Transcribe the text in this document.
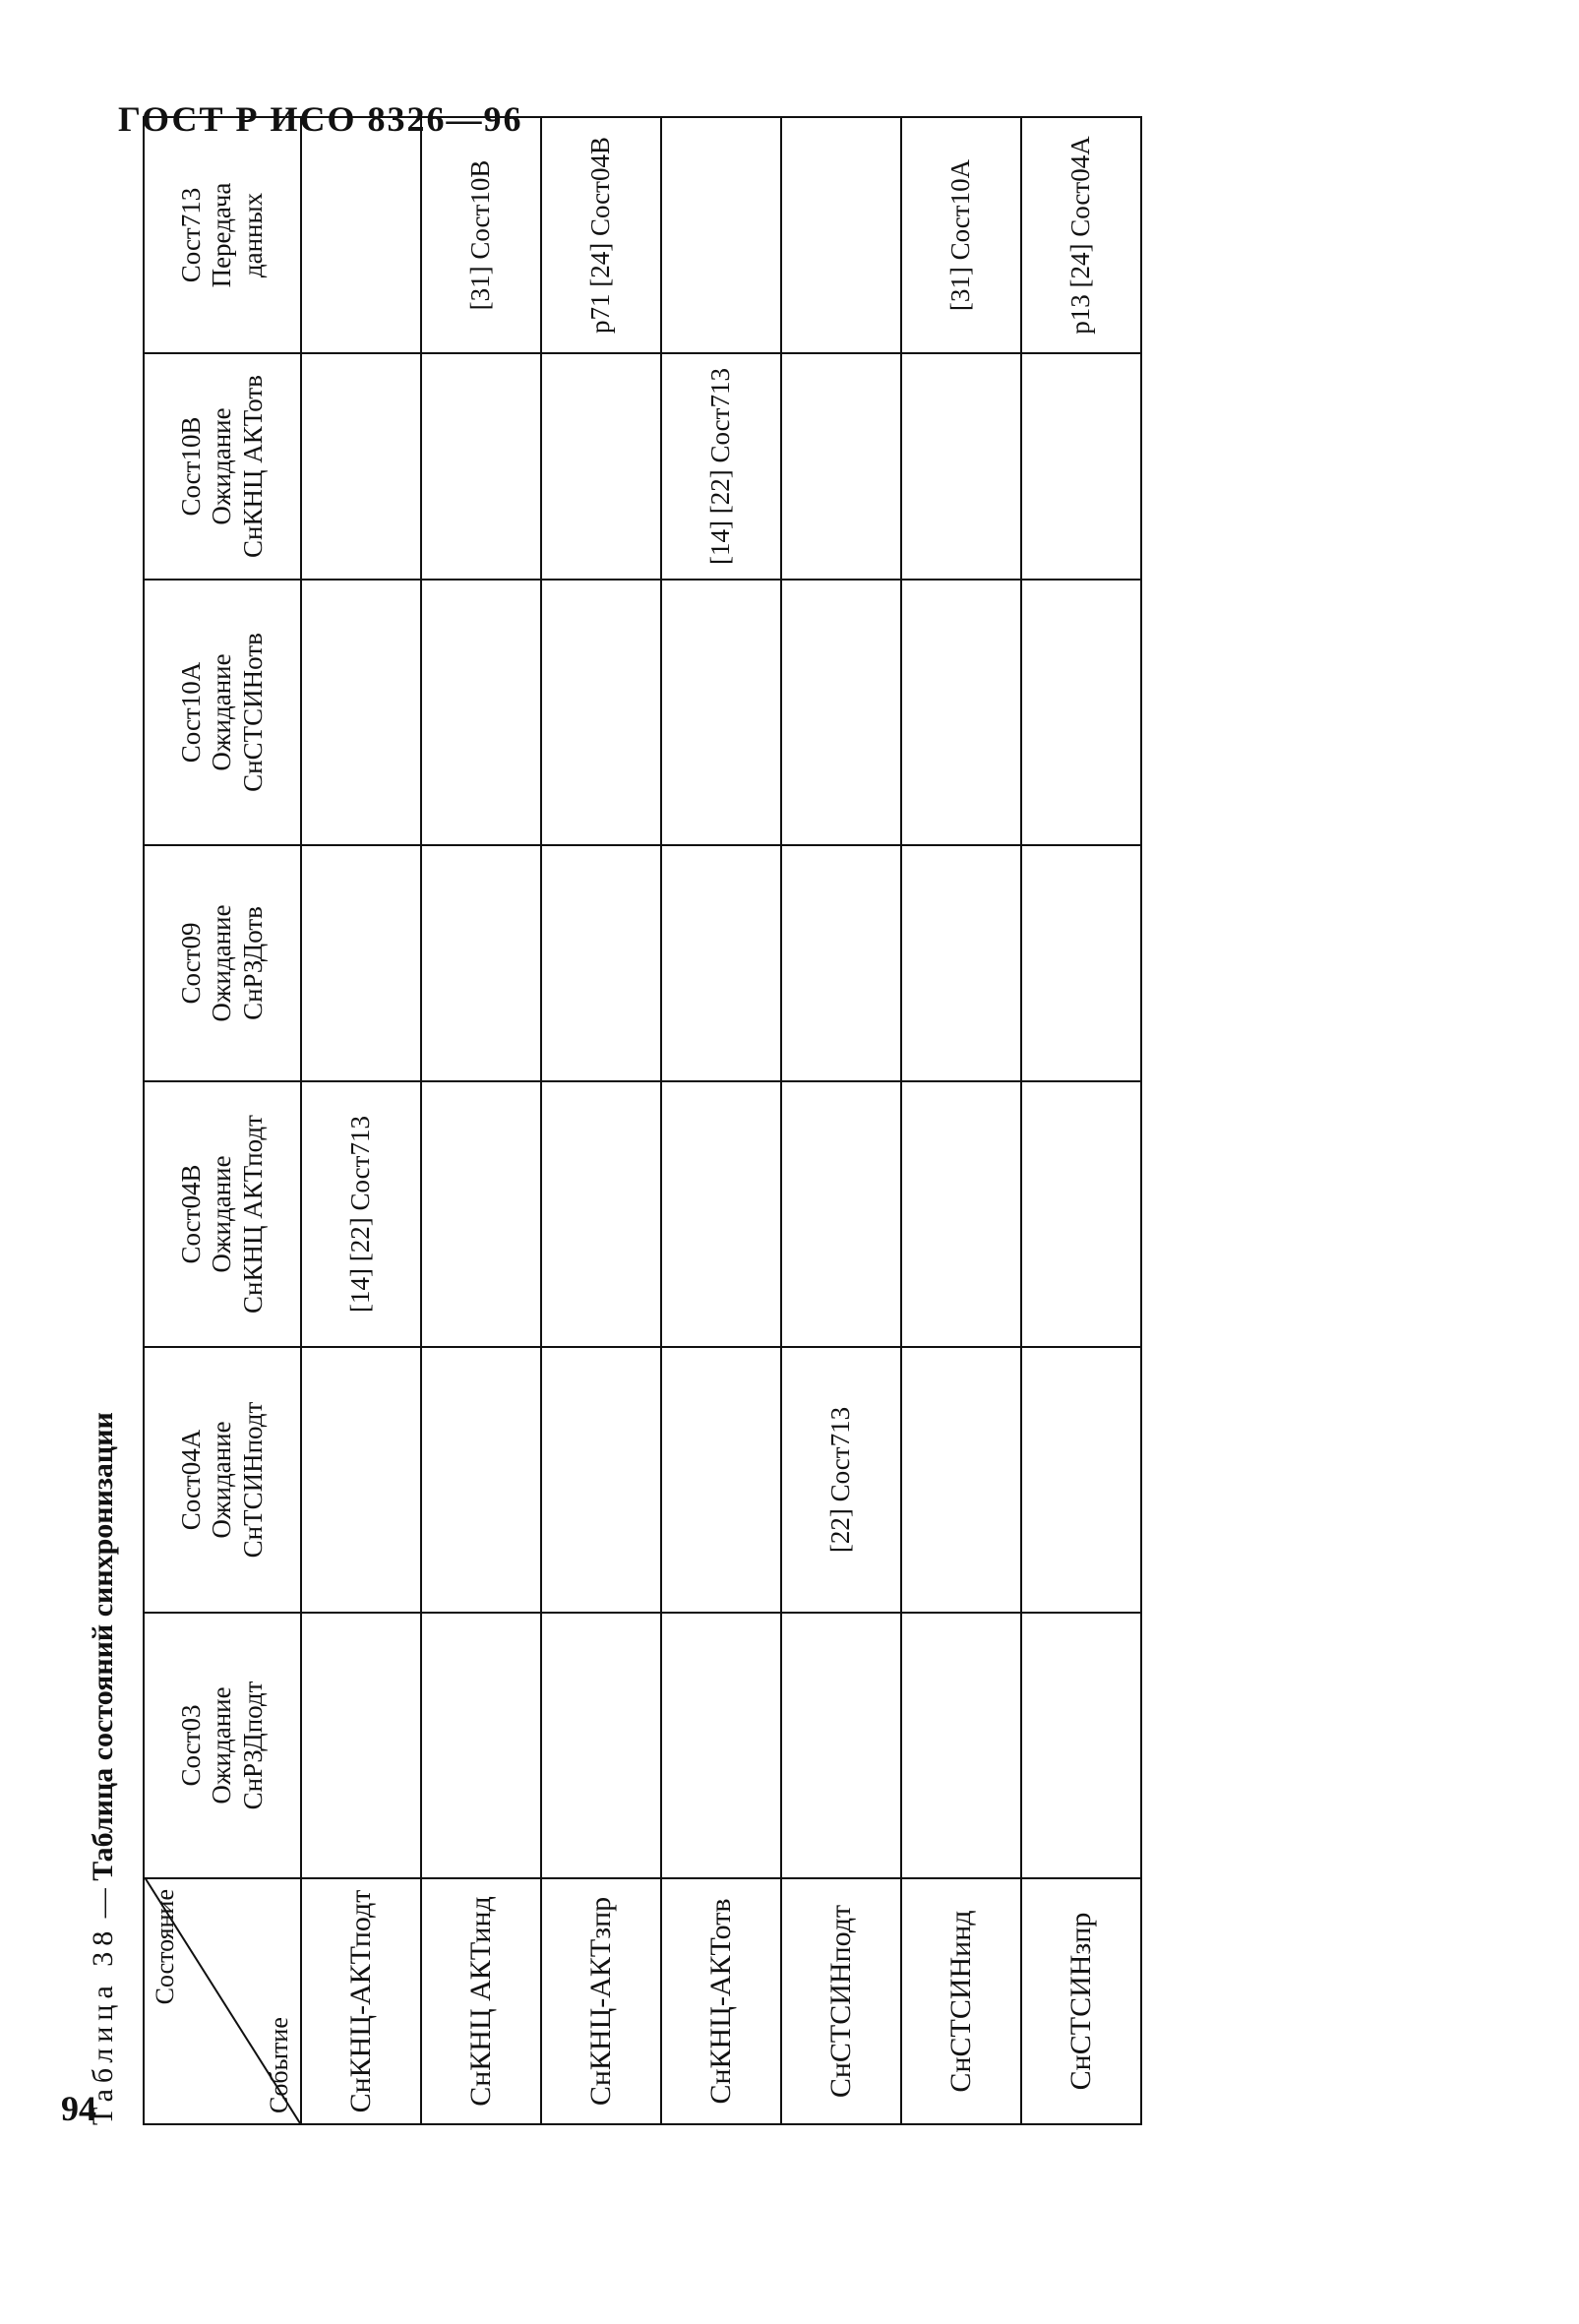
ГОСТ Р ИСО 8326—96
Таблица 38 — Таблица состояний синхронизации
Состояние
Событие	Сост03 Ожидание СнРЗДподт	Сост04А Ожидание СнТСИНподт	Сост04В Ожидание СнКНЦ АКТподт	Сост09 Ожидание СнРЗДотв	Сост10А Ожидание СнСТСИНотв	Сост10В Ожидание СнКНЦ АКТотв	Сост713 Передача данных

СнКНЦ-АКТподт			[14] [22] Сост713				
СнКНЦ АКТинд							[31] Сост10В
СнКНЦ-АКТзпр							р71 [24] Сост04В
СнКНЦ-АКТотв						[14] [22] Сост713	
СнСТСИНподт		[22] Сост713					
СнСТСИНинд							[31] Сост10А
СнСТСИНзпр							р13 [24] Сост04А
94
